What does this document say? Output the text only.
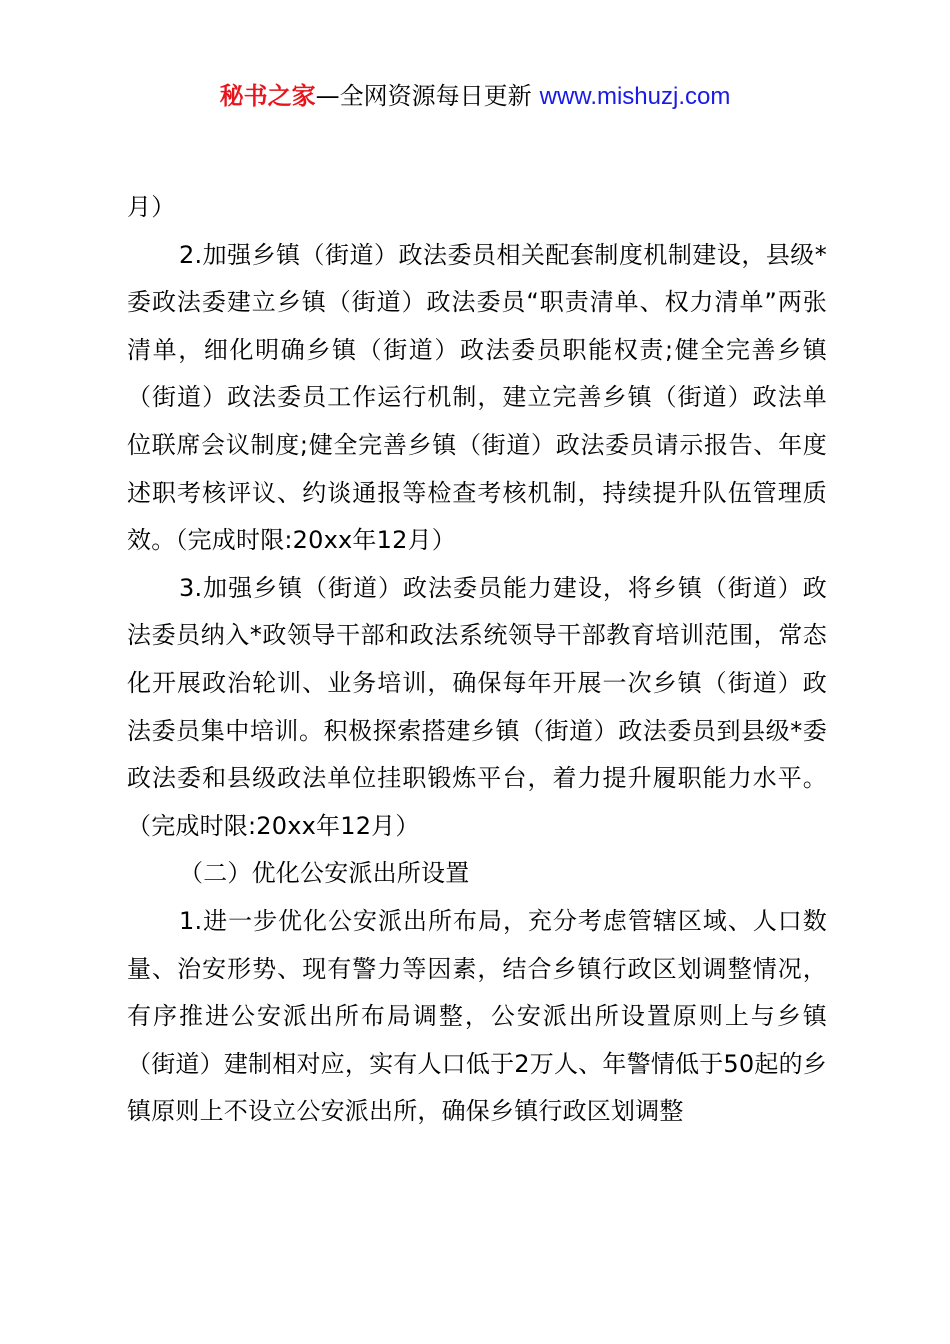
秘书之家—全网资源每日更新 www.mishuzj.com

月）

2.加强乡镇（街道）政法委员相关配套制度机制建设，县级*委政法委建立乡镇（街道）政法委员“职责清单、权力清单”两张清单，细化明确乡镇（街道）政法委员职能权责;健全完善乡镇（街道）政法委员工作运行机制，建立完善乡镇（街道）政法单位联席会议制度;健全完善乡镇（街道）政法委员请示报告、年度述职考核评议、约谈通报等检查考核机制，持续提升队伍管理质效。（完成时限:20xx年12月）

3.加强乡镇（街道）政法委员能力建设，将乡镇（街道）政法委员纳入*政领导干部和政法系统领导干部教育培训范围，常态化开展政治轮训、业务培训，确保每年开展一次乡镇（街道）政法委员集中培训。积极探索搭建乡镇（街道）政法委员到县级*委政法委和县级政法单位挂职锻炼平台，着力提升履职能力水平。（完成时限:20xx年12月）

（二）优化公安派出所设置

1.进一步优化公安派出所布局，充分考虑管辖区域、人口数量、治安形势、现有警力等因素，结合乡镇行政区划调整情况，有序推进公安派出所布局调整，公安派出所设置原则上与乡镇（街道）建制相对应，实有人口低于2万人、年警情低于50起的乡镇原则上不设立公安派出所，确保乡镇行政区划调整
